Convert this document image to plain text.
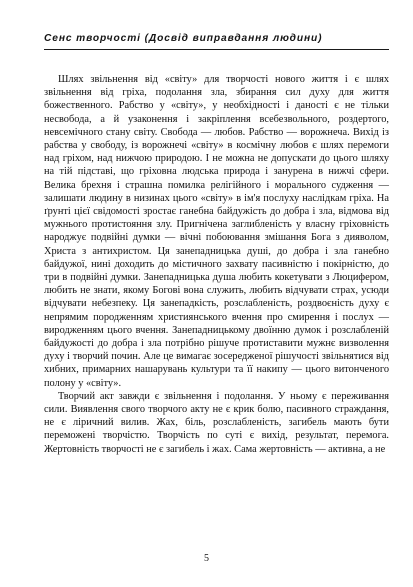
Сенс творчості (Досвід виправдання людини)

Шлях звільнення від «світу» для творчості нового життя і є шлях звільнення від гріха, подолання зла, збирання сил духу для життя божественного. Рабство у «світу», у необхідності і даності є не тільки несвобода, а й узаконення і закріплення всебезвольного, роздертого, невсемічного стану світу. Свобода — любов. Рабство — ворожнеча. Вихід із рабства у свободу, із ворожнечі «світу» в космічну любов є шлях перемоги над гріхом, над нижчою природою. І не можна не допускати до цього шляху на тій підставі, що гріховна людська природа і занурена в нижчі сфери. Велика брехня і страшна помилка релігійного і морального судження — залишати людину в низинах цього «світу» в ім'я послуху наслідкам гріха. На ґрунті цієї свідомості зростає ганебна байдужість до добра і зла, відмова від мужнього протистояння злу. Пригнічена заглибленість у власну гріховність народжує подвійні думки — вічні побоювання змішання Бога з дияволом, Христа з антихристом. Ця занепадницька душі, до добра і зла ганебно байдужої, нині доходить до містичного захвату пасивністю і покірністю, до три в подвійні думки. Занепадницька душа любить кокетувати з Люцифером, любить не знати, якому Богові вона служить, любить відчувати страх, усюди відчувати небезпеку. Ця занепадкість, розслабленість, роздвоєність духу є непрямим породженням християнського вчення про смирення і послух — виродженням цього вчення. Занепадницькому двоїнню думок і розслабленій байдужості до добра і зла потрібно рішуче протиставити мужнє визволення духу і творчий почин. Але це вимагає зосередженої рішучості звільнятися від хибних, примарних нашарувань культури та її накипу — цього витонченого полону у «світу».

Творчий акт завжди є звільнення і подолання. У ньому є переживання сили. Виявлення свого творчого акту не є крик болю, пасивного страждання, не є ліричний вилив. Жах, біль, розслабленість, загибель мають бути переможені творчістю. Творчість по суті є вихід, результат, перемога. Жертовність творчості не є загибель і жах. Сама жертовність — активна, а не

5
